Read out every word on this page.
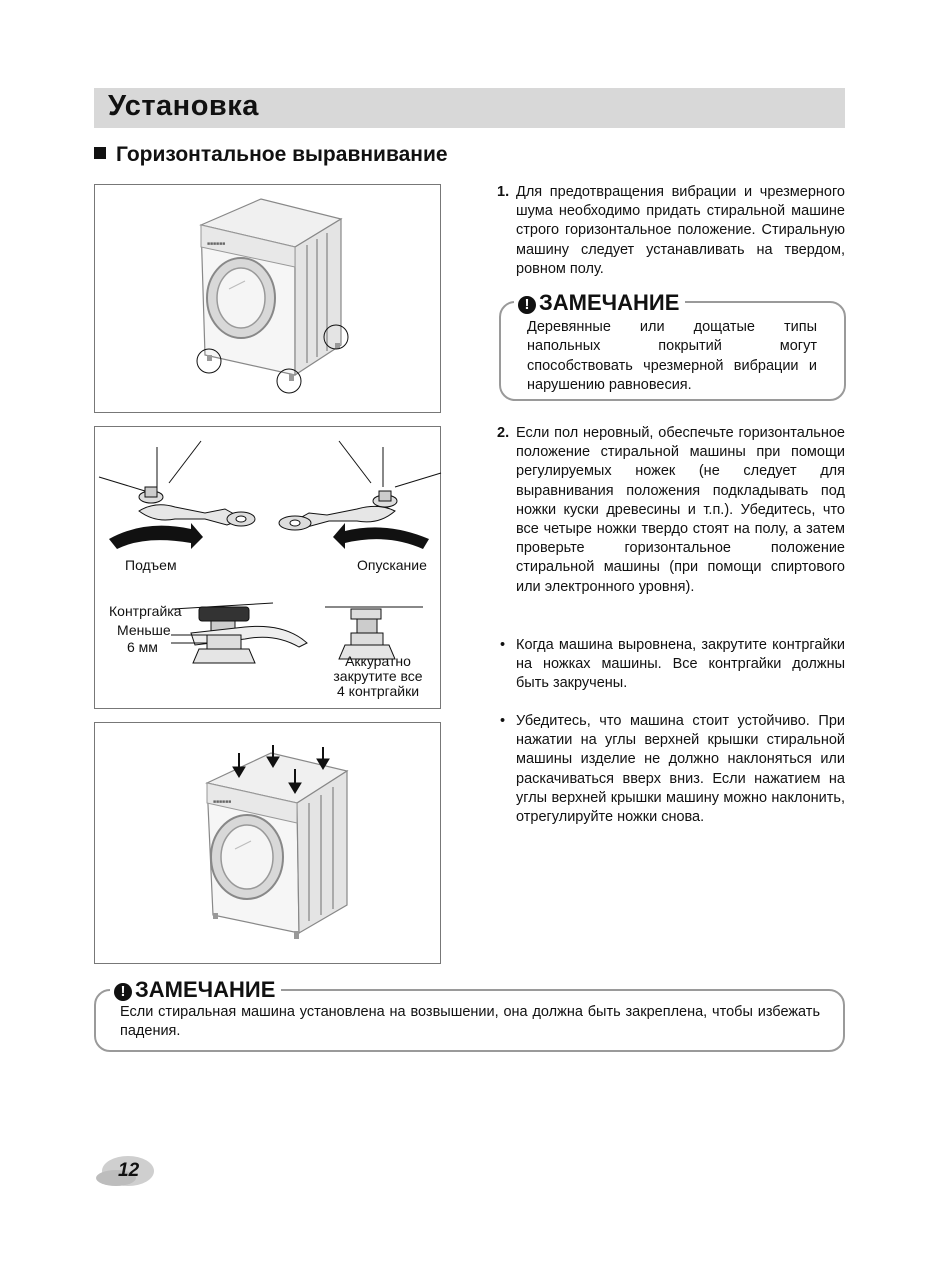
Установка
Горизонтальное выравнивание
■■■■■■
Подъем	Опускание
Контргайка
Меньше
6 мм
Аккуратно
закрутите все
4 контргайки
■■■■■■
1. Для предотвращения вибрации и чрезмерного шума необходимо придать стиральной машине строго горизонтальное положение. Стиральную машину следует устанавливать на твердом, ровном полу.
! ЗАМЕЧАНИЕ
Деревянные или дощатые типы напольных покрытий могут способствовать чрезмерной вибрации и нарушению равновесия.
2. Если пол неровный, обеспечьте горизонтальное положение стиральной машины при помощи регулируемых ножек (не следует для выравнивания положения подкладывать под ножки куски древесины и т.п.). Убедитесь, что все четыре ножки твердо стоят на полу, а затем проверьте горизонтальное положение стиральной машины (при помощи спиртового или электронного уровня).
• Когда машина выровнена, закрутите контргайки на ножках машины. Все контргайки должны быть закручены.
• Убедитесь, что машина стоит устойчиво. При нажатии на углы верхней крышки стиральной машины изделие не должно наклоняться или раскачиваться вверх вниз. Если нажатием на углы верхней крышки машину можно наклонить, отрегулируйте ножки снова.
! ЗАМЕЧАНИЕ
Если стиральная машина установлена на возвышении, она должна быть закреплена, чтобы избежать падения.
12
